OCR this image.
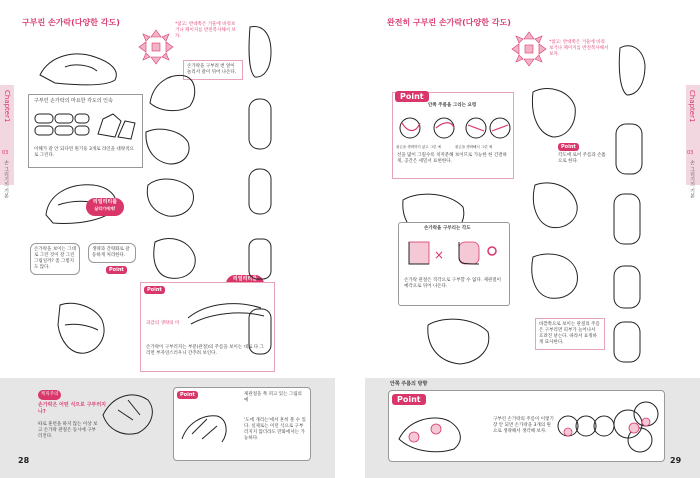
구부린 손가락(다양한 각도)	*참고: 반대쪽은 거울에 비춰보거나 페이지를 반전복사해서 보자.
손가락을 구부려 번 앞이 놀리서 갈이 뒤어 나온다.
구부린 손가락의 마요한 각도의 인속
이해가 갈 안 되다면 원기둥 3개로 라인을 대략적으로 그린다.
리얼리티를
살리기에게!
손가락을 보이는 그대로 그린 것이 잘 그린 그림일까? 좀 그렇지도 않다.
생략과 간략화로 갈등하게 처리한다.
Point
리얼리티를
Point
과감의 생략의 미
손가락이 구부러지는 부분(관절)의 주름을 보이는 대로 다 그리면 부자연스러우니 간추려 보인다.
캐릭주의
손가락은 어떤 식으로 구부러지나?
따로 훈련을 하지 않는 이상 보고 손가락 관절은 동시에 구부러진다.
Point	제관절을 쭉 펴고 있는 그림의 예
'도에 개리는'에서 흔히 볼 수 있다. 실제로는 이런 식으로 구부러지지 않더라도 만화에서는 가능하다.
28
Chapter1
03
손 그리기의 기본
완전히 구부린 손가락(다양한 각도)
*참고: 반대쪽은 거울에 비춰보거나 페이지를 반전복사해서 보자.
Point
안쪽 주름을 그리는 요령
왼손을 생략하지 않고 그린 예	왼손을 생략해서 그린 예
선을 많이 그릴수록 치저분해 보이므로 가능한 한 간결하게, 공간은 세밀서 표현한다.
Point
각도에 로어 주름과 손톱으로 한다.
손가락을 구부리는 각도
×
손가락 관절은 직각으로 구부할 수 없다. 제관절이 예각으로 뒤어 나온다.
바깥쪽으로 보이는 관절의 주름은 구부리면 피부가 늘어나서 흐려진 낱는다. 따라서 표정하게 묘사한다.
안쪽 주름의 방향
Point
구부린 손가락의 주름이 이렇기 장 안 되면 손가락을 3개의 원으로 생략해서 생각해 보자.
29
Chapter1
03
손 그리기의 기본
